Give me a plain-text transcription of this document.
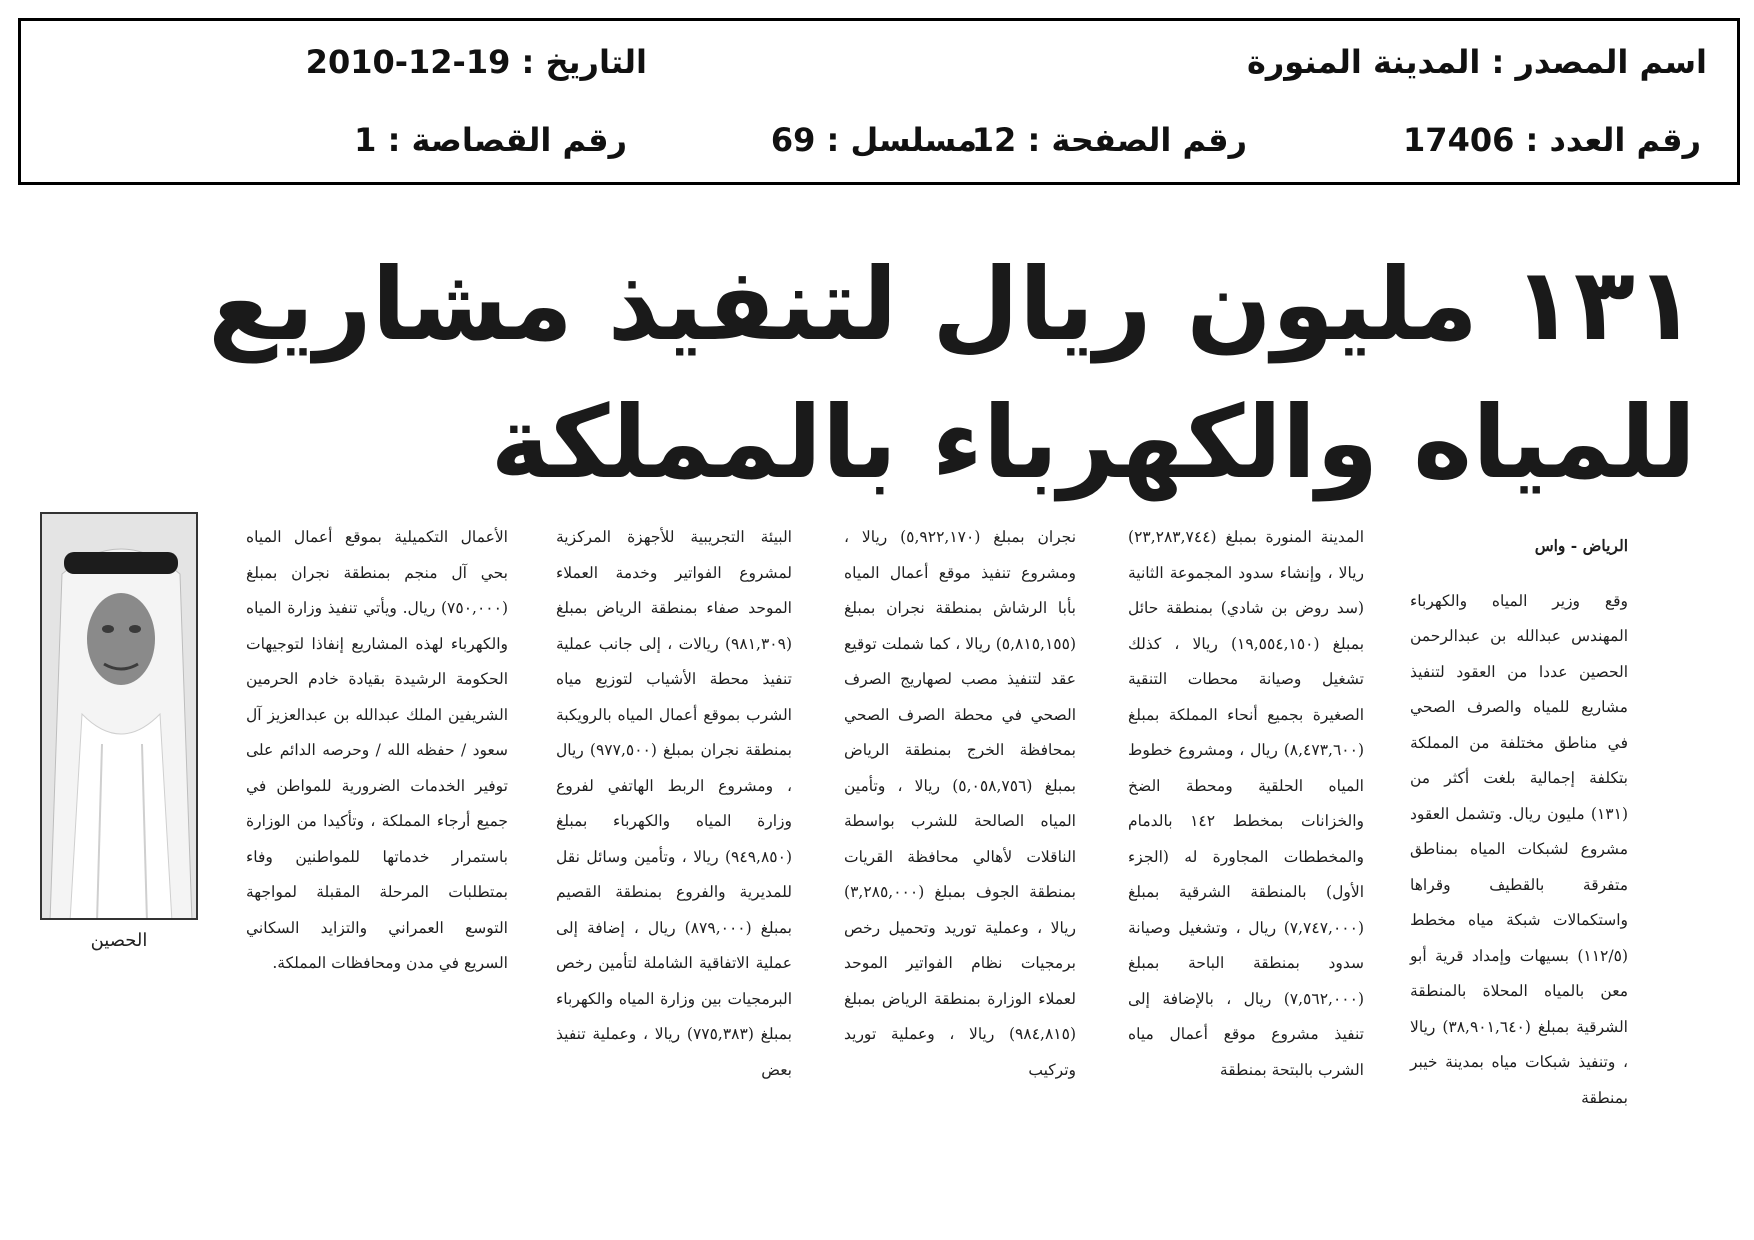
اسم المصدر : المدينة المنورة
التاريخ : 19-12-2010
رقم العدد : 17406
رقم الصفحة : 12
مسلسل : 69
رقم القصاصة : 1
١٣١ مليون ريال لتنفيذ مشاريع للمياه والكهرباء بالمملكة
الرياض - واس
وقع وزير المياه والكهرباء المهندس عبدالله بن عبدالرحمن الحصين عددا من العقود لتنفيذ مشاريع للمياه والصرف الصحي في مناطق مختلفة من المملكة بتكلفة إجمالية بلغت أكثر من (١٣١) مليون ريال. وتشمل العقود مشروع لشبكات المياه بمناطق متفرقة بالقطيف وقراها واستكمالات شبكة مياه مخطط (١١٢/٥) بسيهات وإمداد قرية أبو معن بالمياه المحلاة بالمنطقة الشرقية بمبلغ (٣٨,٩٠١,٦٤٠) ريالا ، وتنفيذ شبكات مياه بمدينة خيبر بمنطقة
المدينة المنورة بمبلغ (٢٣,٢٨٣,٧٤٤) ريالا ، وإنشاء سدود المجموعة الثانية (سد روض بن شادي) بمنطقة حائل بمبلغ (١٩,٥٥٤,١٥٠) ريالا ، كذلك تشغيل وصيانة محطات التنقية الصغيرة بجميع أنحاء المملكة بمبلغ (٨,٤٧٣,٦٠٠) ريال ، ومشروع خطوط المياه الحلقية ومحطة الضخ والخزانات بمخطط ١٤٢ بالدمام والمخططات المجاورة له (الجزء الأول) بالمنطقة الشرقية بمبلغ (٧,٧٤٧,٠٠٠) ريال ، وتشغيل وصيانة سدود بمنطقة الباحة بمبلغ (٧,٥٦٢,٠٠٠) ريال ، بالإضافة إلى تنفيذ مشروع موقع أعمال مياه الشرب بالبتحة بمنطقة
نجران بمبلغ (٥,٩٢٢,١٧٠) ريالا ، ومشروع تنفيذ موقع أعمال المياه بأبا الرشاش بمنطقة نجران بمبلغ (٥,٨١٥,١٥٥) ريالا ، كما شملت توقيع عقد لتنفيذ مصب لصهاريج الصرف الصحي في محطة الصرف الصحي بمحافظة الخرج بمنطقة الرياض بمبلغ (٥,٠٥٨,٧٥٦) ريالا ، وتأمين المياه الصالحة للشرب بواسطة الناقلات لأهالي محافظة القريات بمنطقة الجوف بمبلغ (٣,٢٨٥,٠٠٠) ريالا ، وعملية توريد وتحميل رخص برمجيات نظام الفواتير الموحد لعملاء الوزارة بمنطقة الرياض بمبلغ (٩٨٤,٨١٥) ريالا ، وعملية توريد وتركيب
البيئة التجريبية للأجهزة المركزية لمشروع الفواتير وخدمة العملاء الموحد صفاء بمنطقة الرياض بمبلغ (٩٨١,٣٠٩) ريالات ، إلى جانب عملية تنفيذ محطة الأشياب لتوزيع مياه الشرب بموقع أعمال المياه بالرويكبة بمنطقة نجران بمبلغ (٩٧٧,٥٠٠) ريال ، ومشروع الربط الهاتفي لفروع وزارة المياه والكهرباء بمبلغ (٩٤٩,٨٥٠) ريالا ، وتأمين وسائل نقل للمديرية والفروع بمنطقة القصيم بمبلغ (٨٧٩,٠٠٠) ريال ، إضافة إلى عملية الاتفاقية الشاملة لتأمين رخص البرمجيات بين وزارة المياه والكهرباء بمبلغ (٧٧٥,٣٨٣) ريالا ، وعملية تنفيذ بعض
الأعمال التكميلية بموقع أعمال المياه بحي آل منجم بمنطقة نجران بمبلغ (٧٥٠,٠٠٠) ريال. ويأتي تنفيذ وزارة المياه والكهرباء لهذه المشاريع إنفاذا لتوجيهات الحكومة الرشيدة بقيادة خادم الحرمين الشريفين الملك عبدالله بن عبدالعزيز آل سعود / حفظه الله / وحرصه الدائم على توفير الخدمات الضرورية للمواطن في جميع أرجاء المملكة ، وتأكيدا من الوزارة باستمرار خدماتها للمواطنين وفاء بمتطلبات المرحلة المقبلة لمواجهة التوسع العمراني والتزايد السكاني السريع في مدن ومحافظات المملكة.
الحصين
